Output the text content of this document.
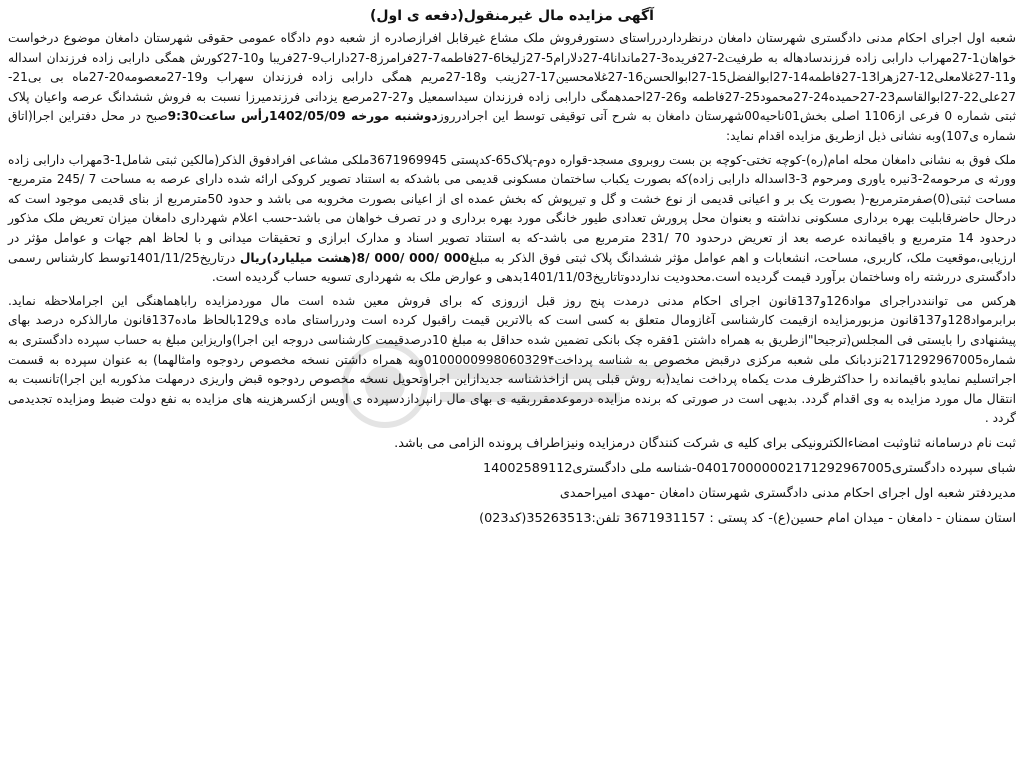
آگهی مزایده مال غیرمنقول(دفعه ی اول)
شعبه اول اجرای احکام مدنی دادگستری شهرستان دامغان درنظرداردرراستای دستورفروش ملک مشاع غیرقابل افرازصادره از شعبه دوم دادگاه عمومی حقوقی شهرستان دامغان موضوع درخواست خواهان1-27مهراب دارابی زاده فرزندسادهاله به طرفیت2-27فریده3-27ماندانا4-27دلارام5-27زلیخا6-27فاطمه7-27فرامرز8-27داراب9-27فریبا و10-27کورش همگی دارابی زاده فرزندان اسداله و11-27غلامعلی12-27زهرا13-27فاطمه14-27ابوالفضل15-27ابوالحسن16-27غلامحسین17-27زینب و18-27مریم همگی دارابی زاده فرزندان سهراب و19-27معصومه20-27ماه بی بی21-27علی22-27ابوالقاسم23-27حمیده24-27محمود25-27فاطمه و26-27احمدهمگی دارابی زاده فرزندان سیداسمعیل و27-27مرصع یزدانی فرزندمیرزا نسبت به فروش ششدانگ عرصه واعیان پلاک ثبتی شماره 0 فرعی از1106 اصلی بخش01ناحیه00شهرستان دامغان به شرح آتی توقیفی توسط این اجرادرروزدوشنبه مورخه 1402/05/09رأس ساعت9:30صبح در محل دفتراین اجرا(اتاق شماره ی107)وبه نشانی ذیل ازطریق مزایده اقدام نماید:
ملک فوق به نشانی دامغان محله امام(ره)-کوچه تختی-کوچه بن بست روبروی مسجد-قواره دوم-پلاک65-کدپستی 3671969945ملکی مشاعی افرادفوق الذکر(مالکین ثبتی شامل1-3مهراب دارابی زاده وورثه ی مرحومه2-3نیره یاوری ومرحوم 3-3اسداله دارابی زاده)که بصورت یکباب ساختمان مسکونی قدیمی می باشدکه به استناد تصویر کروکی ارائه شده دارای عرصه به مساحت 7 /245 مترمربع-مساحت ثبتی(0)صفرمترمربع-( بصورت یک بر و اعیانی قدیمی از نوع خشت و گل و تیرپوش که بخش عمده ای از اعیانی بصورت مخروبه می باشد و حدود 50مترمربع از بنای قدیمی موجود است که درحال حاضرقابلیت بهره برداری مسکونی نداشته و بعنوان محل پرورش تعدادی طیور خانگی مورد بهره برداری و در تصرف خواهان می باشد-حسب اعلام شهرداری دامغان میزان تعریض ملک مذکور درحدود 14 مترمربع و باقیمانده عرصه بعد از تعریض درحدود 70 /231 مترمربع می باشد-که به استناد تصویر اسناد و مدارک ابرازی و تحقیقات میدانی و با لحاظ اهم جهات و عوامل مؤثر در ارزیابی،موقعیت ملک، کاربری، مساحت، انشعابات و اهم عوامل مؤثر ششدانگ پلاک ثبتی فوق الذکر به مبلغ000 /000 /000 /8(هشت میلیارد)ریال درتاریخ1401/11/25توسط کارشناس رسمی دادگستری دررشته راه وساختمان برآورد قیمت گردیده است.محدودیت ندارددوتاتاریخ1401/11/03بدهی و عوارض ملک به شهرداری تسویه حساب گردیده است.
هرکس می تواننددراجرای مواد126و137قانون اجرای احکام مدنی درمدت پنج روز قبل ازروزی که برای فروش معین شده است مال موردمزایده راباهماهنگی این اجراملاحظه نماید. برابرمواد128و137قانون مزبورمزایده ازقیمت کارشناسی آغازومال متعلق به کسی است که بالاترین قیمت راقبول کرده است ودرراستای ماده ی129بالحاظ ماده137قانون مارالذکره درصد بهای پیشنهادی را بایستی فی المجلس(ترجیحا"ازطریق به همراه داشتن 1فقره چک بانکی تضمین شده حداقل به مبلغ 10درصدقیمت کارشناسی دروجه این اجرا)واریزاین مبلغ به حساب سپرده دادگستری به شماره2171292967005نزدبانک ملی شعبه مرکزی درقبض مخصوص به شناسه پرداخت0100000998060329۴وبه همراه داشتن نسخه مخصوص ردوجوه وامثالهما) به عنوان سپرده به قسمت اجراتسلیم نمایدو باقیمانده را حداکثرظرف مدت یکماه پرداخت نماید(به روش قبلی پس ازاخذشناسه جدیدازاین اجراوتحویل نسخه مخصوص ردوجوه قبض واریزی درمهلت مذکوربه این اجرا)تانسبت به انتقال مال مورد مزایده به وی اقدام گردد. بدیهی است در صورتی که برنده مزایده درموعدمقرربقیه ی بهای مال رانپردازدسپرده ی اویس ازکسرهزینه های مزایده به نفع دولت ضبط ومزایده تجدیدمی گردد .
ثبت نام درسامانه ثناوثبت امضاءالکترونیکی برای کلیه ی شرکت کنندگان درمزایده ونیزاطراف پرونده الزامی می باشد.
شبای سپرده دادگستری040170000002171292967005-شناسه ملی دادگستری14002589112
مدیردفتر شعبه اول اجرای احکام مدنی دادگستری شهرستان دامغان -مهدی امیراحمدی
استان سمنان - دامغان - میدان امام حسین(ع)- کد پستی : 3671931157 تلفن:35263513(کد023)
